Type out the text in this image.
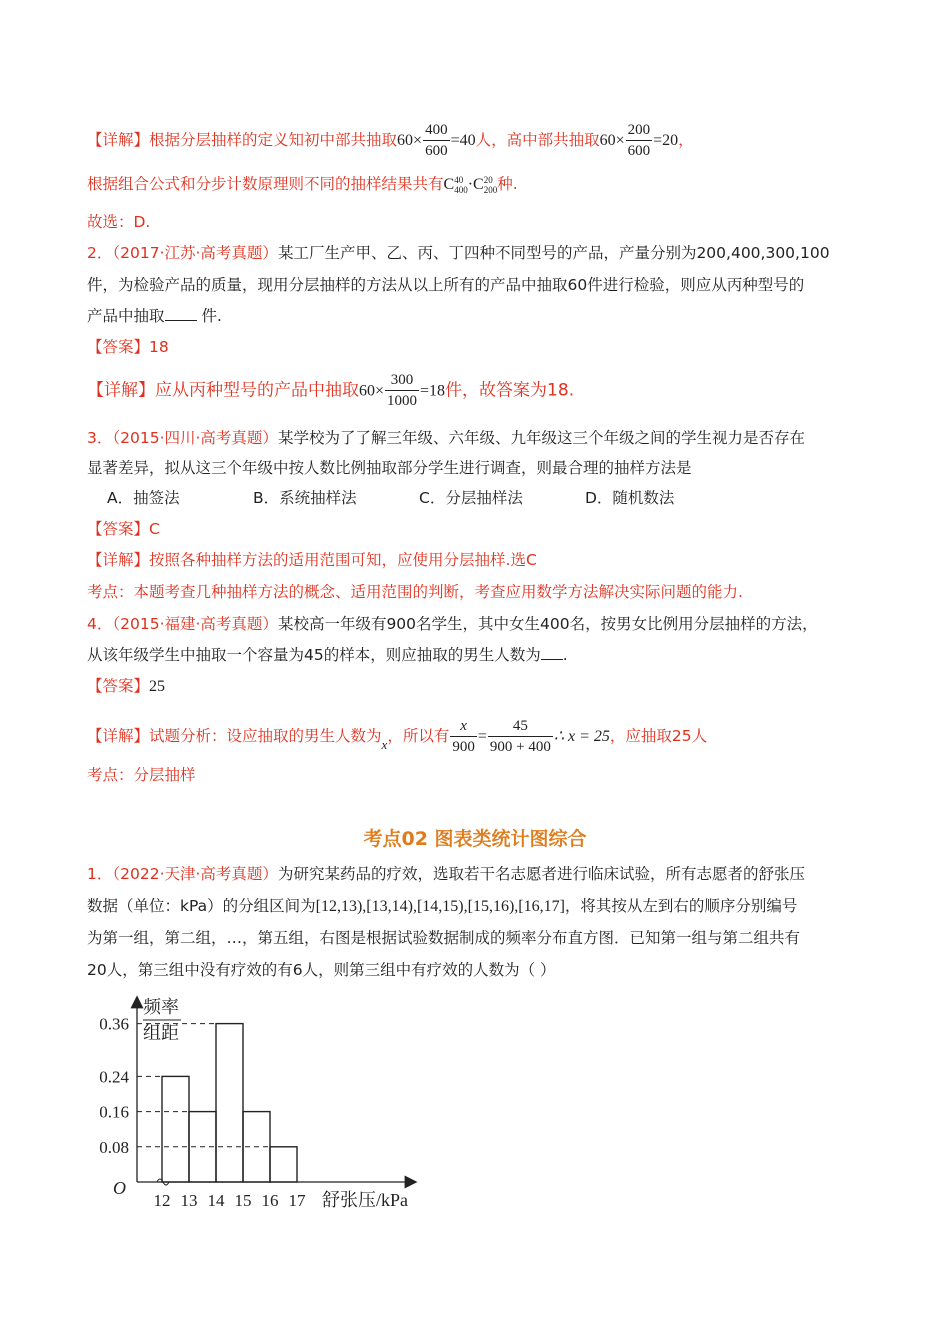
【详解】根据分层抽样的定义知初中部共抽取$60\times \frac{400}{600} =40$人，高中部共抽取$60\times \frac{200}{600} =20$，
根据组合公式和分步计数原理则不同的抽样结果共有C40
400·C20
200种.
故选：D.
2．（2017·江苏·高考真题）某工厂生产甲、乙、丙、丁四种不同型号的产品，产量分别为200,400,300,100
件，为检验产品的质量，现用分层抽样的方法从以上所有的产品中抽取60件进行检验，则应从丙种型号的
产品中抽取 件.
【答案】18
【详解】应从丙种型号的产品中抽取$60\times \frac{300}{1000} =18$件，故答案为18.
3．（2015·四川·高考真题）某学校为了了解三年级、六年级、九年级这三个年级之间的学生视力是否存在
显著差异，拟从这三个年级中按人数比例抽取部分学生进行调查，则最合理的抽样方法是
A．抽签法	B．系统抽样法	C．分层抽样法	D．随机数法
【答案】C
【详解】按照各种抽样方法的适用范围可知，应使用分层抽样.选C
考点：本题考查几种抽样方法的概念、适用范围的判断，考查应用数学方法解决实际问题的能力.
4．（2015·福建·高考真题）某校高一年级有900名学生，其中女生400名，按男女比例用分层抽样的方法，
从该年级学生中抽取一个容量为45的样本，则应抽取的男生人数为 .
【答案】25
【详解】试题分析：设应抽取的男生人数为$_x$，所以有 $\frac{x}{900} = \frac{45}{900 + 400}$ ∴ x = 25，应抽取25人
考点：分层抽样
考点02 图表类统计图综合
1．（2022·天津·高考真题）为研究某药品的疗效，选取若干名志愿者进行临床试验，所有志愿者的舒张压
数据（单位：kPa）的分组区间为[12,13),[13,14),[14,15),[15,16),[16,17]，将其按从左到右的顺序分别编号
为第一组，第二组，…，第五组，右图是根据试验数据制成的频率分布直方图．已知第一组与第二组共有
20人，第三组中没有疗效的有6人，则第三组中有疗效的人数为（ ）
0.08
0.16
0.24
0.36
12 13 14 15 16 17
频率
组距
舒张压/kPa
O
